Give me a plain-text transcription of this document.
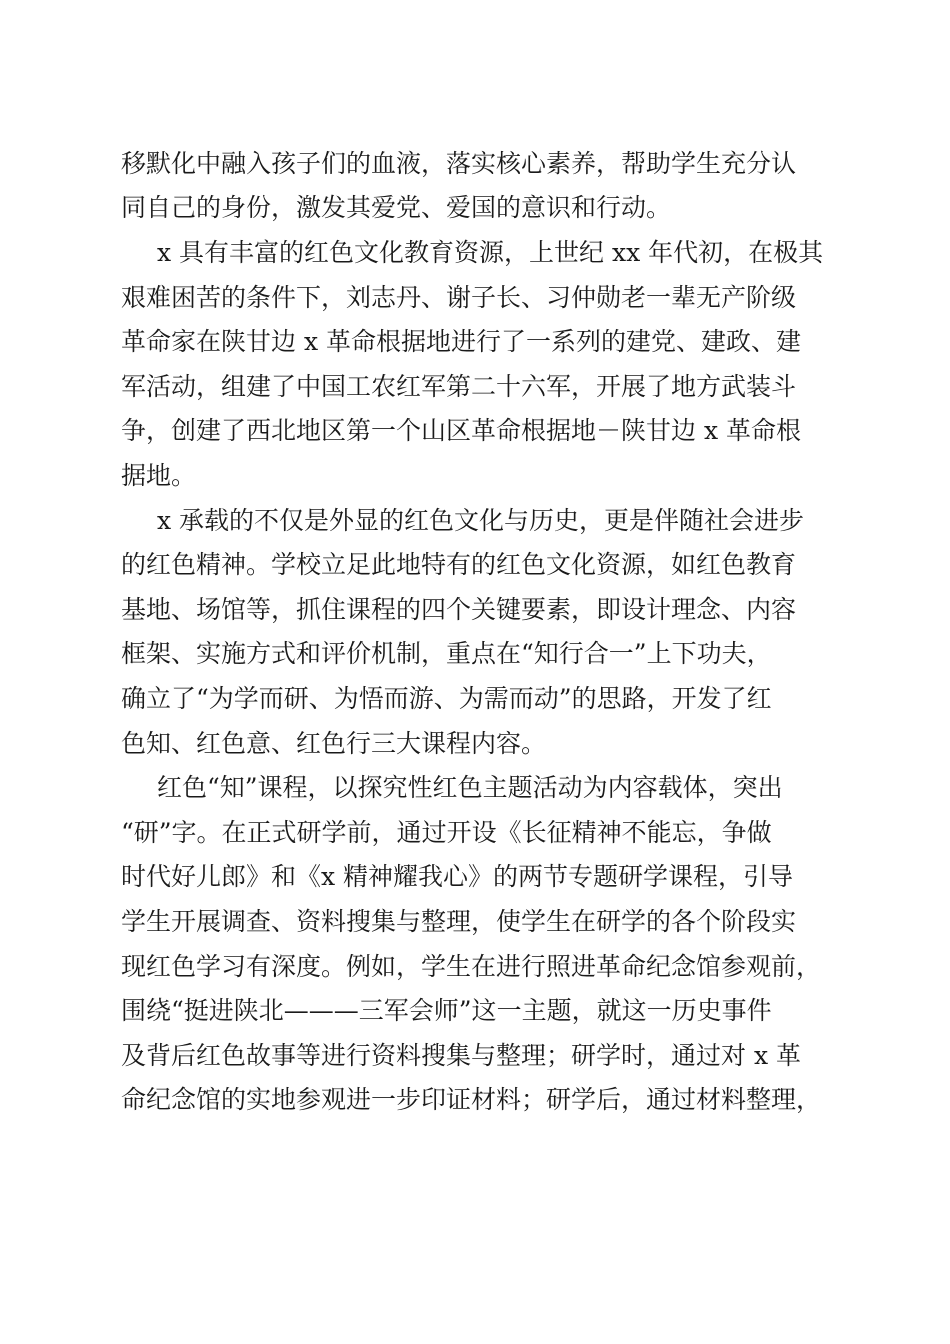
移默化中融入孩子们的血液，落实核心素养，帮助学生充分认
同自己的身份，激发其爱党、爱国的意识和行动。
x 具有丰富的红色文化教育资源，上世纪 xx 年代初，在极其
艰难困苦的条件下，刘志丹、谢子长、习仲勋老一辈无产阶级
革命家在陕甘边 x 革命根据地进行了一系列的建党、建政、建
军活动，组建了中国工农红军第二十六军，开展了地方武装斗
争，创建了西北地区第一个山区革命根据地－陕甘边 x 革命根
据地。
x 承载的不仅是外显的红色文化与历史，更是伴随社会进步
的红色精神。学校立足此地特有的红色文化资源，如红色教育
基地、场馆等，抓住课程的四个关键要素，即设计理念、内容
框架、实施方式和评价机制，重点在“知行合一”上下功夫，
确立了“为学而研、为悟而游、为需而动”的思路，开发了红
色知、红色意、红色行三大课程内容。
红色“知”课程，以探究性红色主题活动为内容载体，突出
“研”字。在正式研学前，通过开设《长征精神不能忘，争做
时代好儿郎》和《x 精神耀我心》的两节专题研学课程，引导
学生开展调查、资料搜集与整理，使学生在研学的各个阶段实
现红色学习有深度。例如，学生在进行照进革命纪念馆参观前，
围绕“挺进陕北———三军会师”这一主题，就这一历史事件
及背后红色故事等进行资料搜集与整理；研学时，通过对 x 革
命纪念馆的实地参观进一步印证材料；研学后，通过材料整理，
